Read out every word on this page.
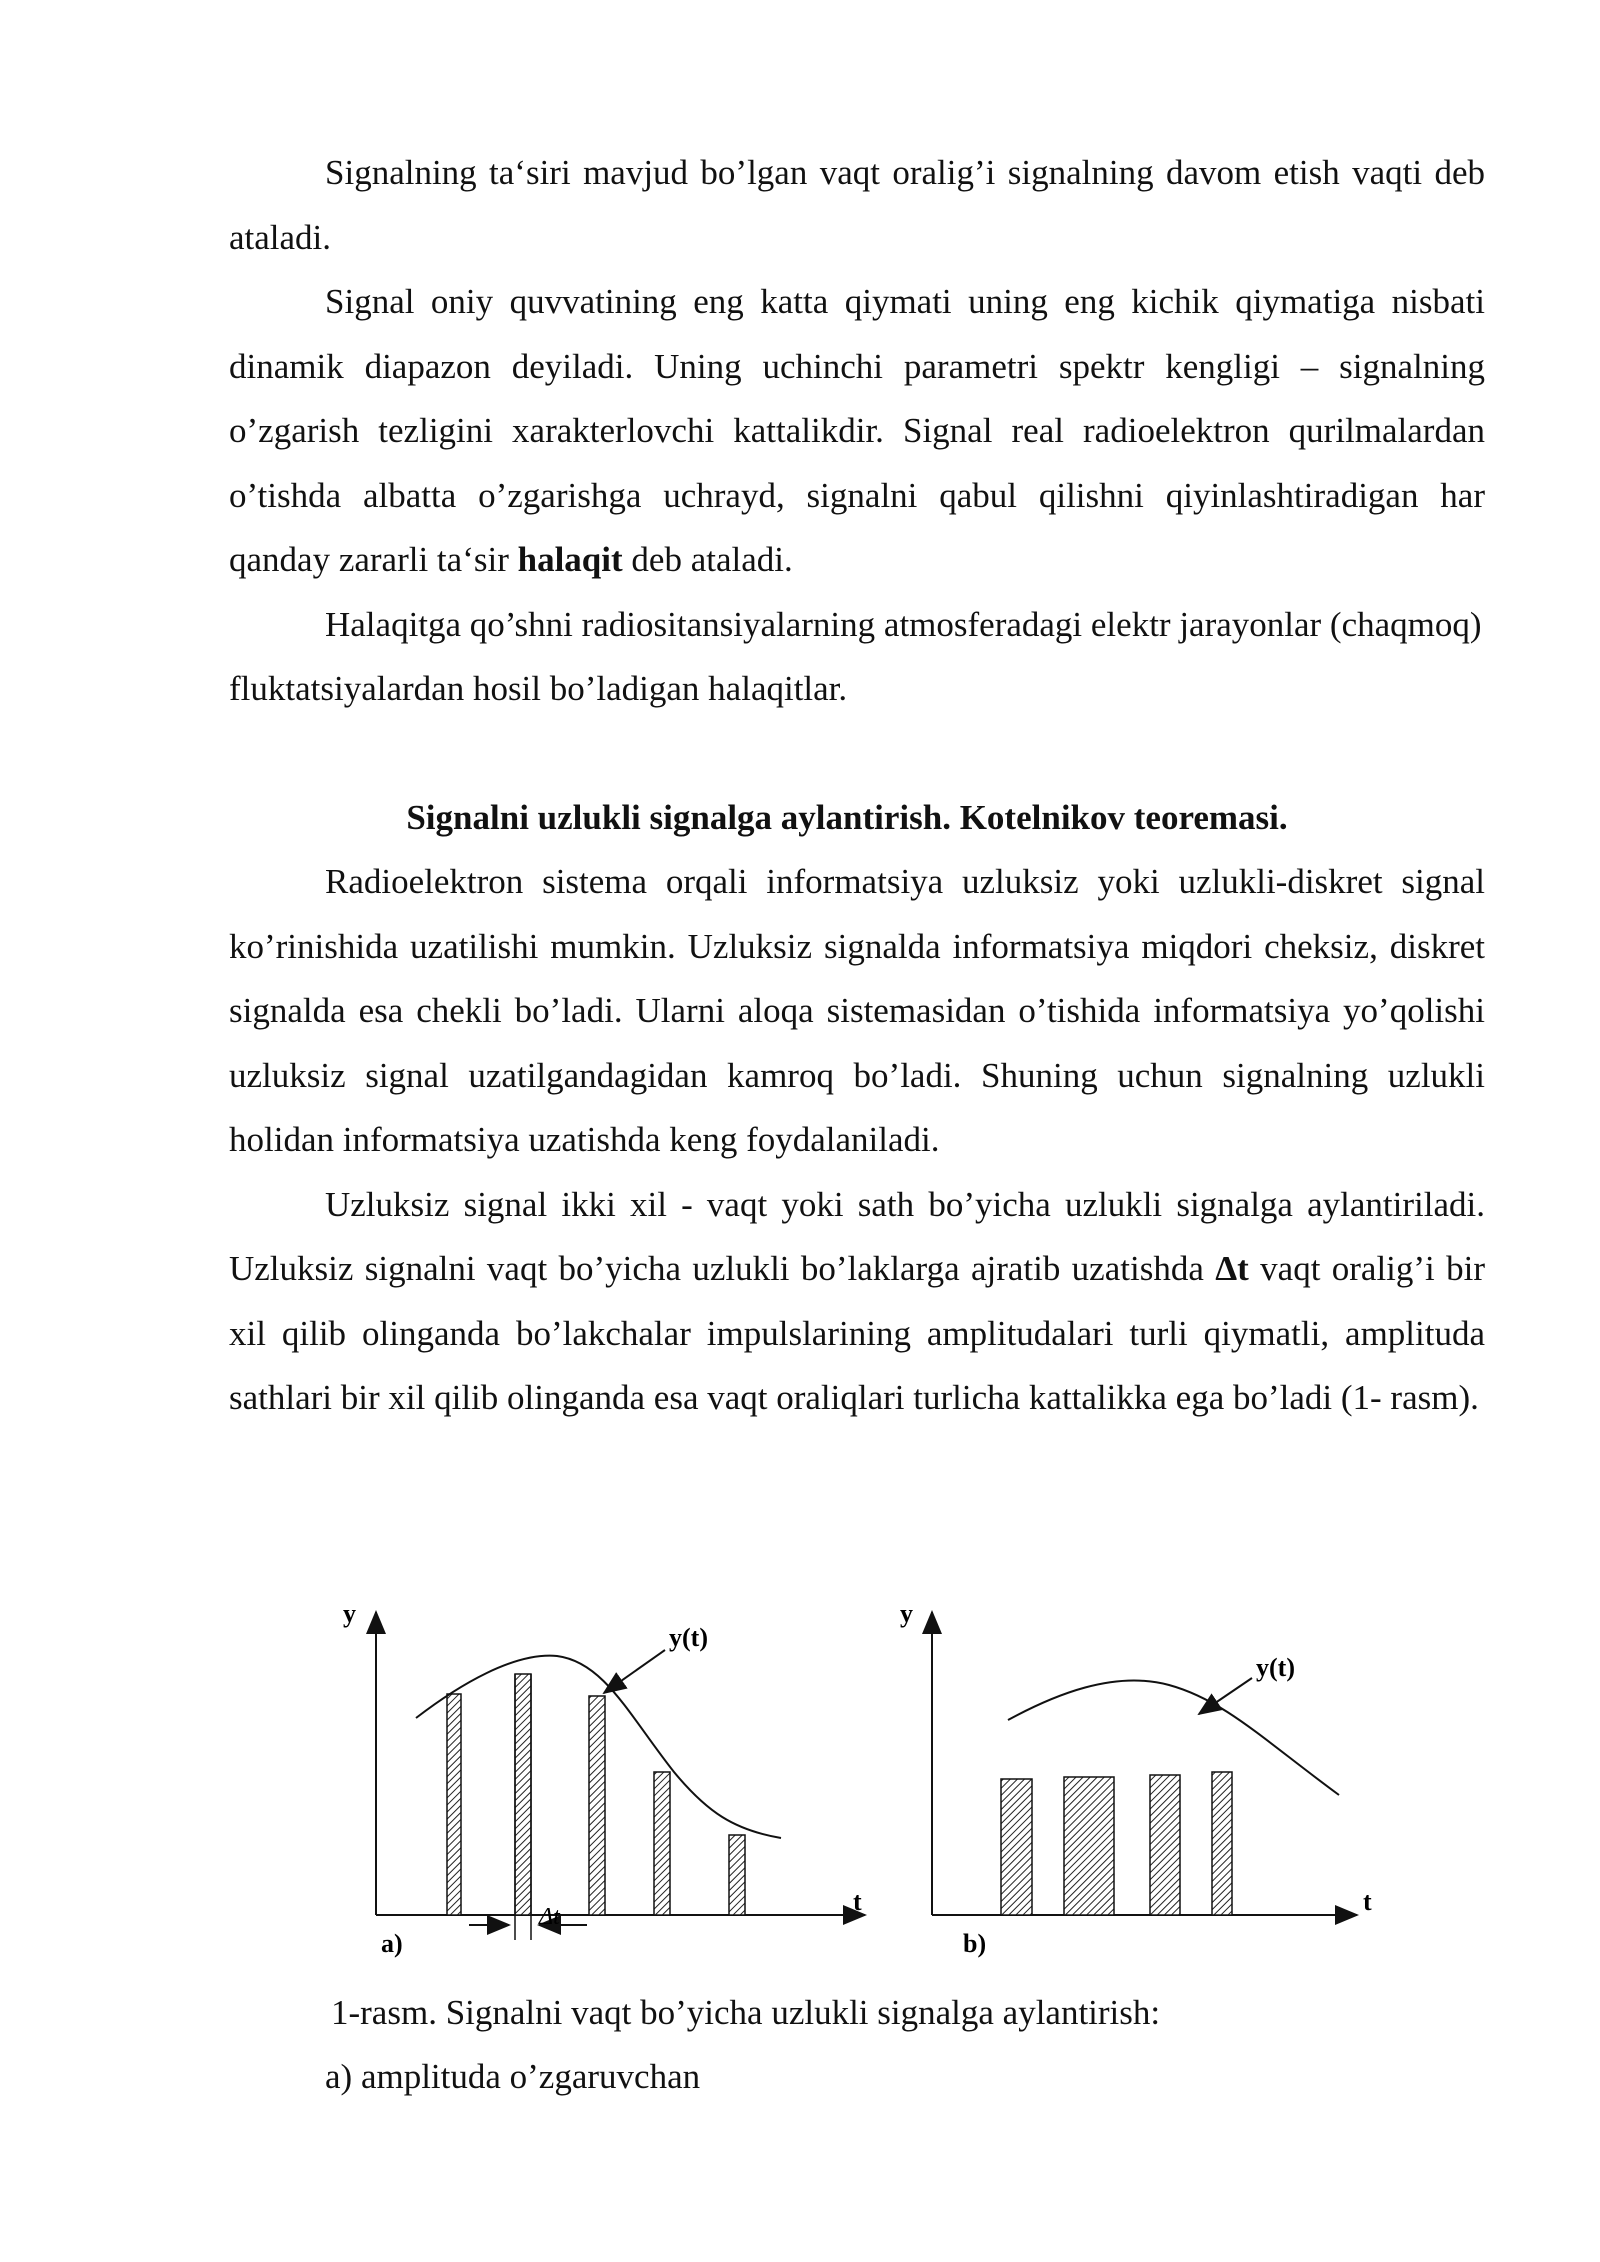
Signalning ta‘siri mavjud bo’lgan vaqt oralig’i signalning davom etish vaqti deb ataladi.

Signal oniy quvvatining eng katta qiymati uning eng kichik qiymatiga nisbati dinamik diapazon deyiladi. Uning uchinchi parametri spektr kengligi – signalning o’zgarish tezligini xarakterlovchi kattalikdir. Signal real radioelektron qurilmalardan o’tishda albatta o’zgarishga uchrayd, signalni qabul qilishni qiyinlashtiradigan har qanday zararli ta‘sir halaqit deb ataladi.

Halaqitga qo’shni radiositansiyalarning atmosferadagi elektr jarayonlar (chaqmoq) fluktatsiyalardan hosil bo’ladigan halaqitlar.

Signalni uzlukli signalga aylantirish. Kotelnikov teoremasi.

Radioelektron sistema orqali informatsiya uzluksiz yoki uzlukli-diskret signal ko’rinishida uzatilishi mumkin. Uzluksiz signalda informatsiya miqdori cheksiz, diskret signalda esa chekli bo’ladi. Ularni aloqa sistemasidan o’tishida informatsiya yo’qolishi uzluksiz signal uzatilgandagidan kamroq bo’ladi. Shuning uchun signalning uzlukli holidan informatsiya uzatishda keng foydalaniladi.

Uzluksiz signal ikki xil - vaqt yoki sath bo’yicha uzlukli signalga aylantiriladi. Uzluksiz signalni vaqt bo’yicha uzlukli bo’laklarga ajratib uzatishda Δt vaqt oralig’i bir xil qilib olinganda bo’lakchalar impulslarining amplitudalari turli qiymatli, amplituda sathlari bir xil qilib olinganda esa vaqt oraliqlari turlicha kattalikka ega bo’ladi (1- rasm).

y
t
Δt
y(t)
a)
y
t
y(t)
b)
1-rasm. Signalni vaqt bo’yicha uzlukli signalga aylantirish:
a) amplituda o’zgaruvchan
